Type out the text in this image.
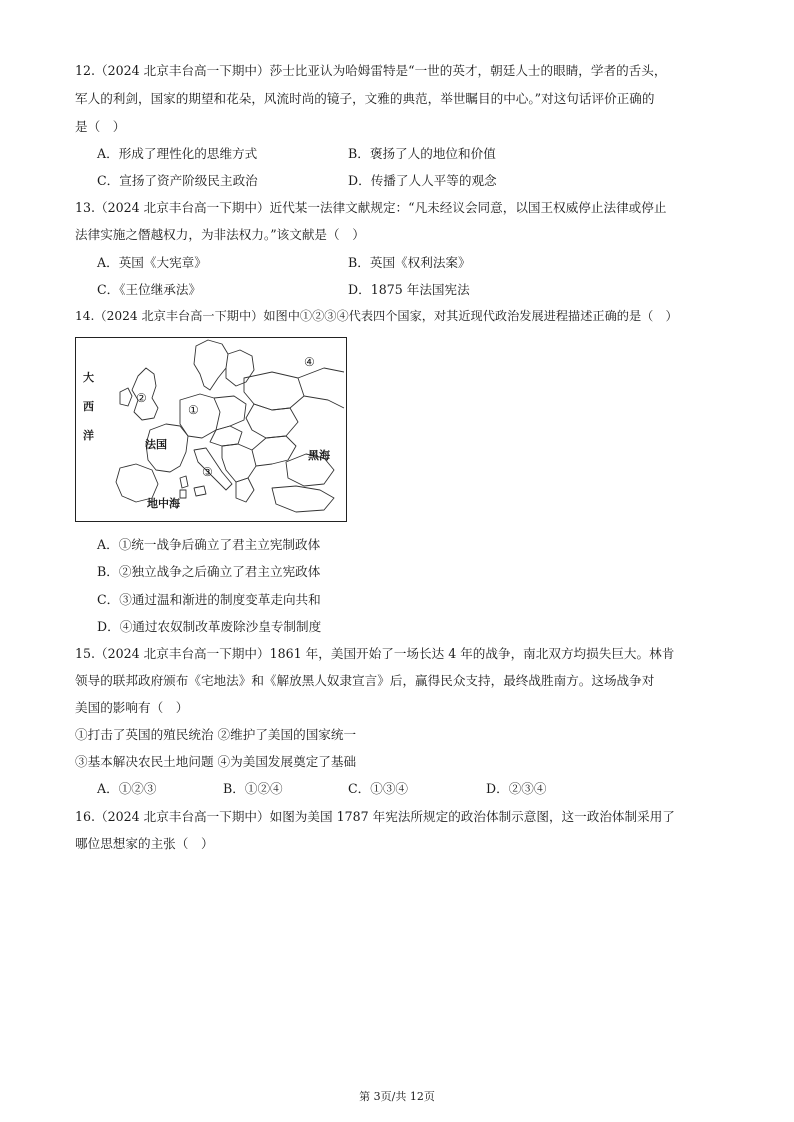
12.（2024 北京丰台高一下期中）莎士比亚认为哈姆雷特是“一世的英才，朝廷人士的眼睛，学者的舌头，
军人的利剑，国家的期望和花朵，风流时尚的镜子，文雅的典范，举世瞩目的中心。”对这句话评价正确的
是（　）
A．形成了理性化的思维方式	B．褒扬了人的地位和价值
C．宣扬了资产阶级民主政治	D．传播了人人平等的观念
13.（2024 北京丰台高一下期中）近代某一法律文献规定：“凡未经议会同意，以国王权威停止法律或停止
法律实施之僭越权力，为非法权力。”该文献是（　）
A．英国《大宪章》	B．英国《权利法案》
C．《王位继承法》	D．1875 年法国宪法
14.（2024 北京丰台高一下期中）如图中①②③④代表四个国家，对其近现代政治发展进程描述正确的是（　）
大
西
洋
法国
黑海
地中海
①
②
③
④
A．①统一战争后确立了君主立宪制政体
B．②独立战争之后确立了君主立宪政体
C．③通过温和渐进的制度变革走向共和
D．④通过农奴制改革废除沙皇专制制度
15.（2024 北京丰台高一下期中）1861 年，美国开始了一场长达 4 年的战争，南北双方均损失巨大。林肯
领导的联邦政府颁布《宅地法》和《解放黑人奴隶宣言》后，赢得民众支持，最终战胜南方。这场战争对
美国的影响有（　）
①打击了英国的殖民统治 ②维护了美国的国家统一
③基本解决农民土地问题 ④为美国发展奠定了基础
A．①②③	B．①②④	C．①③④	D．②③④
16.（2024 北京丰台高一下期中）如图为美国 1787 年宪法所规定的政治体制示意图，这一政治体制采用了
哪位思想家的主张（　）
第 3页/共 12页
